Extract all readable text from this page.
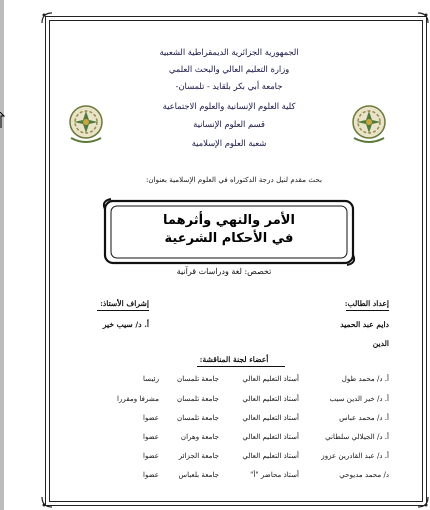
الجمهورية الجزائرية الديمقراطية الشعبية
وزارة التعليم العالي والبحث العلمي
جامعة أبي بكر بلقايد - تلمسان-
كلية العلوم الإنسانية والعلوم الاجتماعية
قسم العلوم الإنسانية
شعبة العلوم الإسلامية
بحث مقدم لنيل درجة الدكتوراه في العلوم الإسلامية بعنوان:
الأمر والنهي وأثرهما
في الأحكام الشرعية
تخصص: لغة ودراسات قرآنية
إعداد الطالب:
دايم عبد الحميد
الدين
إشراف الأستاذ:
أ. د/ سيب خير
أعضاء لجنة المناقشة:
أ. د/ محمد طول
أستاذ التعليم العالي
جامعة تلمسان
رئيسا
أ. د/ خير الدين سيب
أستاذ التعليم العالي
جامعة تلمسان
مشرفا ومقررا
أ. د/ محمد عباس
أستاذ التعليم العالي
جامعة تلمسان
عضوا
أ. د/ الجيلالي سلطاني
أستاذ التعليم العالي
جامعة وهران
عضوا
أ. د/ عبد القادرين عزوز
أستاذ التعليم العالي
جامعة الجزائر
عضوا
د/ محمد مديوحي
أستاذ محاضر "أ"
جامعة بلعباس
عضوا
